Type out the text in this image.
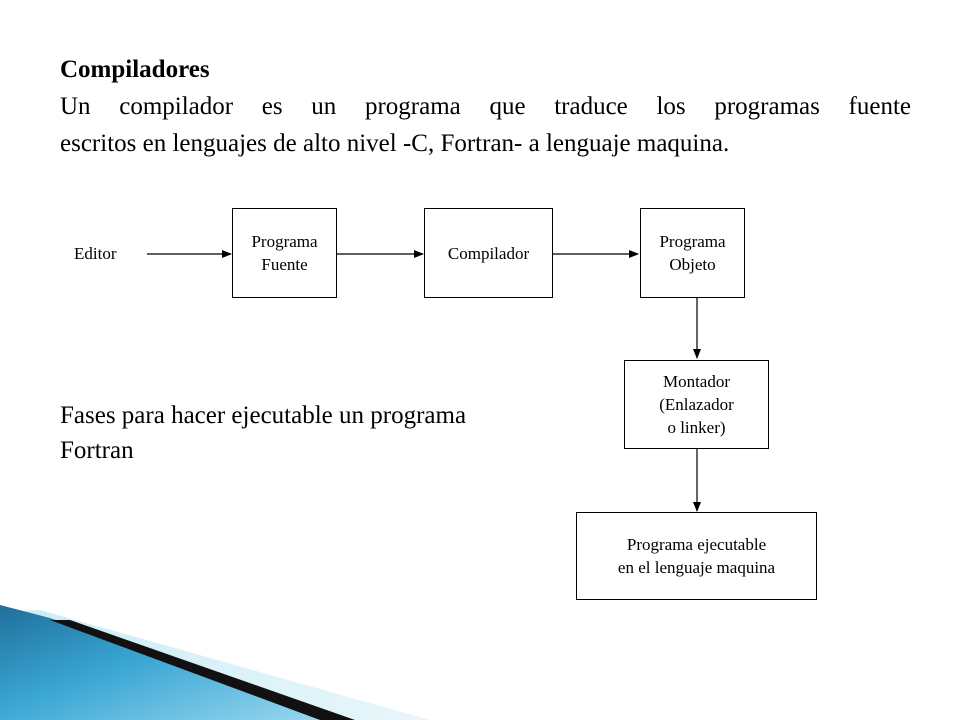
Compiladores
Un compilador es un programa que traduce los programas fuente
escritos en lenguajes de alto nivel -C, Fortran- a lenguaje maquina.
Fases para hacer ejecutable un programa
Fortran
Editor
Programa
Fuente
Compilador
Programa
Objeto
Montador
(Enlazador
o linker)
Programa ejecutable
en el lenguaje maquina
